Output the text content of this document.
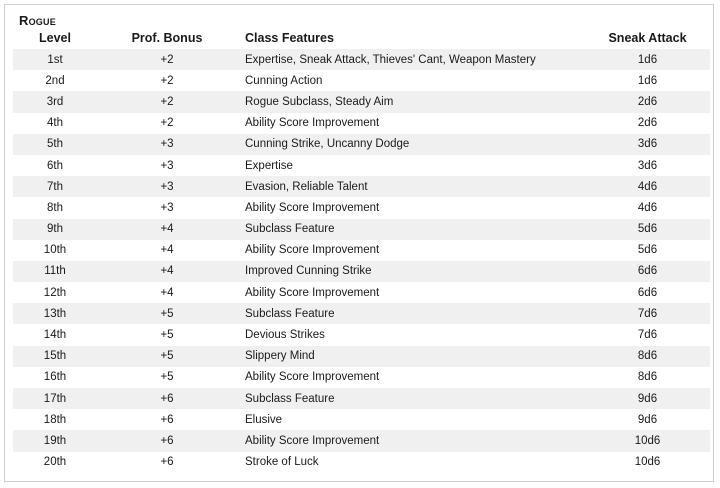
Rogue
Level	Prof. Bonus	Class Features	Sneak Attack
1st	+2	Expertise, Sneak Attack, Thieves' Cant, Weapon Mastery	1d6
2nd	+2	Cunning Action	1d6
3rd	+2	Rogue Subclass, Steady Aim	2d6
4th	+2	Ability Score Improvement	2d6
5th	+3	Cunning Strike, Uncanny Dodge	3d6
6th	+3	Expertise	3d6
7th	+3	Evasion, Reliable Talent	4d6
8th	+3	Ability Score Improvement	4d6
9th	+4	Subclass Feature	5d6
10th	+4	Ability Score Improvement	5d6
11th	+4	Improved Cunning Strike	6d6
12th	+4	Ability Score Improvement	6d6
13th	+5	Subclass Feature	7d6
14th	+5	Devious Strikes	7d6
15th	+5	Slippery Mind	8d6
16th	+5	Ability Score Improvement	8d6
17th	+6	Subclass Feature	9d6
18th	+6	Elusive	9d6
19th	+6	Ability Score Improvement	10d6
20th	+6	Stroke of Luck	10d6
